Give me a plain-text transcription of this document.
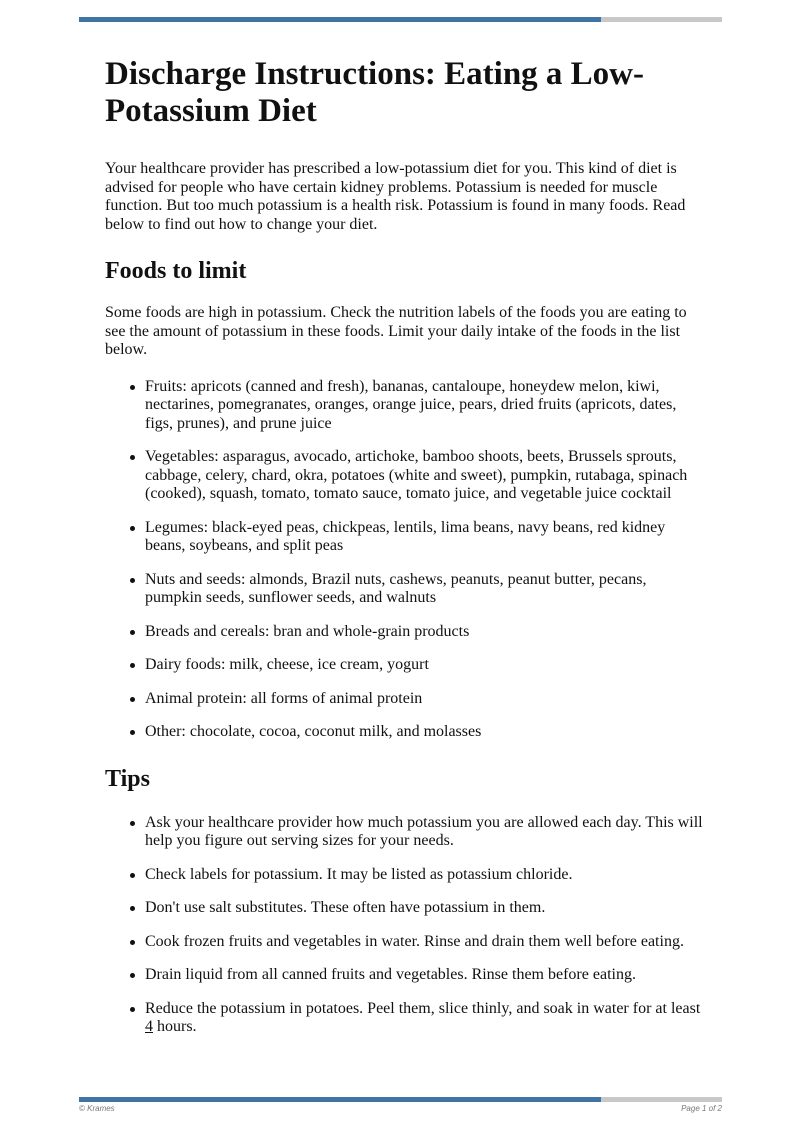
Discharge Instructions: Eating a Low-Potassium Diet

Your healthcare provider has prescribed a low-potassium diet for you. This kind of diet is advised for people who have certain kidney problems. Potassium is needed for muscle function. But too much potassium is a health risk. Potassium is found in many foods. Read below to find out how to change your diet.

Foods to limit

Some foods are high in potassium. Check the nutrition labels of the foods you are eating to see the amount of potassium in these foods. Limit your daily intake of the foods in the list below.

Fruits: apricots (canned and fresh), bananas, cantaloupe, honeydew melon, kiwi, nectarines, pomegranates, oranges, orange juice, pears, dried fruits (apricots, dates, figs, prunes), and prune juice
Vegetables: asparagus, avocado, artichoke, bamboo shoots, beets, Brussels sprouts, cabbage, celery, chard, okra, potatoes (white and sweet), pumpkin, rutabaga, spinach (cooked), squash, tomato, tomato sauce, tomato juice, and vegetable juice cocktail
Legumes: black-eyed peas, chickpeas, lentils, lima beans, navy beans, red kidney beans, soybeans, and split peas
Nuts and seeds: almonds, Brazil nuts, cashews, peanuts, peanut butter, pecans, pumpkin seeds, sunflower seeds, and walnuts
Breads and cereals: bran and whole-grain products
Dairy foods: milk, cheese, ice cream, yogurt
Animal protein: all forms of animal protein
Other: chocolate, cocoa, coconut milk, and molasses
Tips
Ask your healthcare provider how much potassium you are allowed each day. This will help you figure out serving sizes for your needs.
Check labels for potassium. It may be listed as potassium chloride.
Don't use salt substitutes. These often have potassium in them.
Cook frozen fruits and vegetables in water. Rinse and drain them well before eating.
Drain liquid from all canned fruits and vegetables. Rinse them before eating.
Reduce the potassium in potatoes. Peel them, slice thinly, and soak in water for at least 4 hours.
© Krames	Page 1 of 2
